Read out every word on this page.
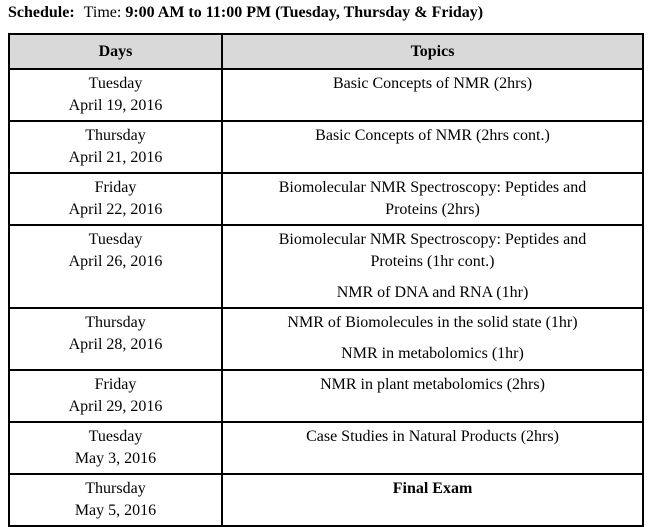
Schedule: Time: 9:00 AM to 11:00 PM (Tuesday, Thursday & Friday)
Days	Topics

Tuesday
April 19, 2016	Basic Concepts of NMR (2hrs)

Thursday
April 21, 2016	Basic Concepts of NMR (2hrs cont.)

Friday
April 22, 2016	Biomolecular NMR Spectroscopy: Peptides and
Proteins (2hrs)

Tuesday
April 26, 2016	Biomolecular NMR Spectroscopy: Peptides and
Proteins (1hr cont.)
NMR of DNA and RNA (1hr)

Thursday
April 28, 2016	NMR of Biomolecules in the solid state (1hr)
NMR in metabolomics (1hr)

Friday
April 29, 2016	NMR in plant metabolomics (2hrs)

Tuesday
May 3, 2016	Case Studies in Natural Products (2hrs)

Thursday
May 5, 2016	Final Exam
